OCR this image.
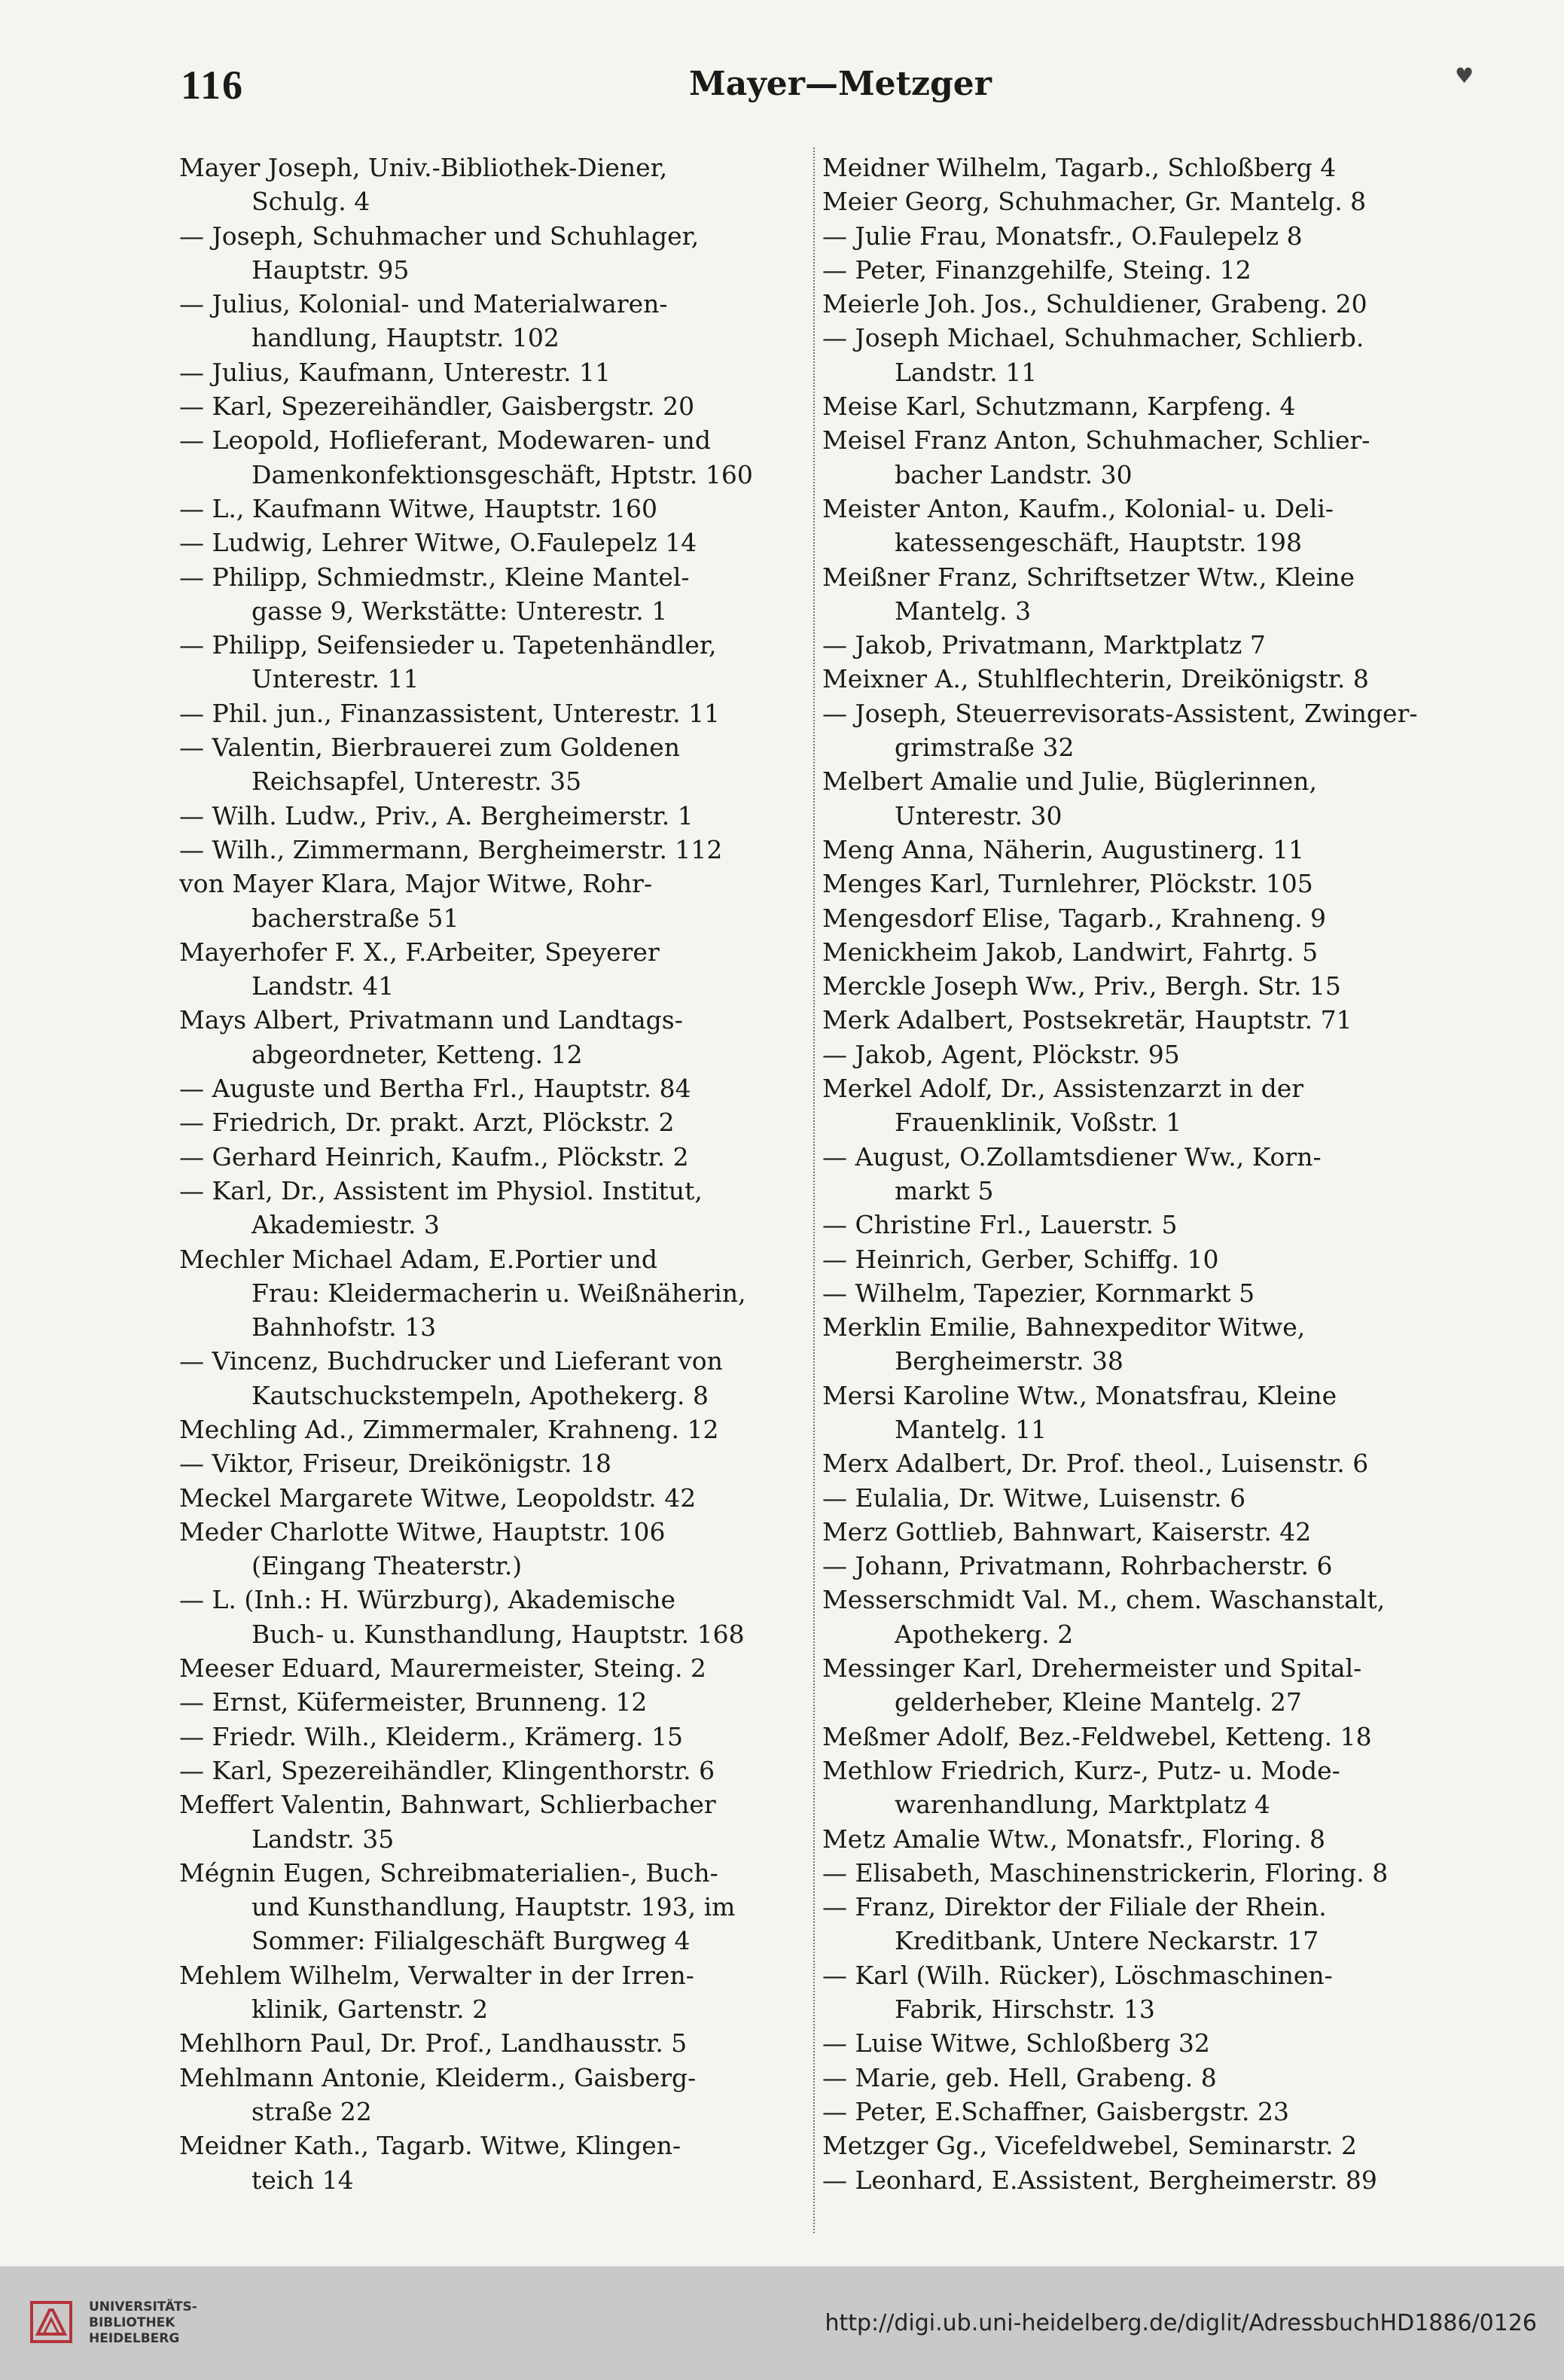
116	Mayer—Metzger	♥
Mayer Joseph, Univ.-Bibliothek-Diener,
Schulg. 4
— Joseph, Schuhmacher und Schuhlager,
Hauptstr. 95
— Julius, Kolonial- und Materialwaren-
handlung, Hauptstr. 102
— Julius, Kaufmann, Unterestr. 11
— Karl, Spezereihändler, Gaisbergstr. 20
— Leopold, Hoflieferant, Modewaren- und
Damenkonfektionsgeschäft, Hptstr. 160
— L., Kaufmann Witwe, Hauptstr. 160
— Ludwig, Lehrer Witwe, O.Faulepelz 14
— Philipp, Schmiedmstr., Kleine Mantel-
gasse 9, Werkstätte: Unterestr. 1
— Philipp, Seifensieder u. Tapetenhändler,
Unterestr. 11
— Phil. jun., Finanzassistent, Unterestr. 11
— Valentin, Bierbrauerei zum Goldenen
Reichsapfel, Unterestr. 35
— Wilh. Ludw., Priv., A. Bergheimerstr. 1
— Wilh., Zimmermann, Bergheimerstr. 112
von Mayer Klara, Major Witwe, Rohr-
bacherstraße 51
Mayerhofer F. X., F.Arbeiter, Speyerer
Landstr. 41
Mays Albert, Privatmann und Landtags-
abgeordneter, Ketteng. 12
— Auguste und Bertha Frl., Hauptstr. 84
— Friedrich, Dr. prakt. Arzt, Plöckstr. 2
— Gerhard Heinrich, Kaufm., Plöckstr. 2
— Karl, Dr., Assistent im Physiol. Institut,
Akademiestr. 3
Mechler Michael Adam, E.Portier und
Frau: Kleidermacherin u. Weißnäherin,
Bahnhofstr. 13
— Vincenz, Buchdrucker und Lieferant von
Kautschuckstempeln, Apothekerg. 8
Mechling Ad., Zimmermaler, Krahneng. 12
— Viktor, Friseur, Dreikönigstr. 18
Meckel Margarete Witwe, Leopoldstr. 42
Meder Charlotte Witwe, Hauptstr. 106
(Eingang Theaterstr.)
— L. (Inh.: H. Würzburg), Akademische
Buch- u. Kunsthandlung, Hauptstr. 168
Meeser Eduard, Maurermeister, Steing. 2
— Ernst, Küfermeister, Brunneng. 12
— Friedr. Wilh., Kleiderm., Krämerg. 15
— Karl, Spezereihändler, Klingenthorstr. 6
Meffert Valentin, Bahnwart, Schlierbacher
Landstr. 35
Mégnin Eugen, Schreibmaterialien-, Buch-
und Kunsthandlung, Hauptstr. 193, im
Sommer: Filialgeschäft Burgweg 4
Mehlem Wilhelm, Verwalter in der Irren-
klinik, Gartenstr. 2
Mehlhorn Paul, Dr. Prof., Landhausstr. 5
Mehlmann Antonie, Kleiderm., Gaisberg-
straße 22
Meidner Kath., Tagarb. Witwe, Klingen-
teich 14
Meidner Wilhelm, Tagarb., Schloßberg 4
Meier Georg, Schuhmacher, Gr. Mantelg. 8
— Julie Frau, Monatsfr., O.Faulepelz 8
— Peter, Finanzgehilfe, Steing. 12
Meierle Joh. Jos., Schuldiener, Grabeng. 20
— Joseph Michael, Schuhmacher, Schlierb.
Landstr. 11
Meise Karl, Schutzmann, Karpfeng. 4
Meisel Franz Anton, Schuhmacher, Schlier-
bacher Landstr. 30
Meister Anton, Kaufm., Kolonial- u. Deli-
katessengeschäft, Hauptstr. 198
Meißner Franz, Schriftsetzer Wtw., Kleine
Mantelg. 3
— Jakob, Privatmann, Marktplatz 7
Meixner A., Stuhlflechterin, Dreikönigstr. 8
— Joseph, Steuerrevisorats-Assistent, Zwinger-
grimstraße 32
Melbert Amalie und Julie, Büglerinnen,
Unterestr. 30
Meng Anna, Näherin, Augustinerg. 11
Menges Karl, Turnlehrer, Plöckstr. 105
Mengesdorf Elise, Tagarb., Krahneng. 9
Menickheim Jakob, Landwirt, Fahrtg. 5
Merckle Joseph Ww., Priv., Bergh. Str. 15
Merk Adalbert, Postsekretär, Hauptstr. 71
— Jakob, Agent, Plöckstr. 95
Merkel Adolf, Dr., Assistenzarzt in der
Frauenklinik, Voßstr. 1
— August, O.Zollamtsdiener Ww., Korn-
markt 5
— Christine Frl., Lauerstr. 5
— Heinrich, Gerber, Schiffg. 10
— Wilhelm, Tapezier, Kornmarkt 5
Merklin Emilie, Bahnexpeditor Witwe,
Bergheimerstr. 38
Mersi Karoline Wtw., Monatsfrau, Kleine
Mantelg. 11
Merx Adalbert, Dr. Prof. theol., Luisenstr. 6
— Eulalia, Dr. Witwe, Luisenstr. 6
Merz Gottlieb, Bahnwart, Kaiserstr. 42
— Johann, Privatmann, Rohrbacherstr. 6
Messerschmidt Val. M., chem. Waschanstalt,
Apothekerg. 2
Messinger Karl, Drehermeister und Spital-
gelderheber, Kleine Mantelg. 27
Meßmer Adolf, Bez.-Feldwebel, Ketteng. 18
Methlow Friedrich, Kurz-, Putz- u. Mode-
warenhandlung, Marktplatz 4
Metz Amalie Wtw., Monatsfr., Floring. 8
— Elisabeth, Maschinenstrickerin, Floring. 8
— Franz, Direktor der Filiale der Rhein.
Kreditbank, Untere Neckarstr. 17
— Karl (Wilh. Rücker), Löschmaschinen-
Fabrik, Hirschstr. 13
— Luise Witwe, Schloßberg 32
— Marie, geb. Hell, Grabeng. 8
— Peter, E.Schaffner, Gaisbergstr. 23
Metzger Gg., Vicefeldwebel, Seminarstr. 2
— Leonhard, E.Assistent, Bergheimerstr. 89
UNIVERSITÄTS-
BIBLIOTHEK
HEIDELBERG
http://digi.ub.uni-heidelberg.de/diglit/AdressbuchHD1886/0126
